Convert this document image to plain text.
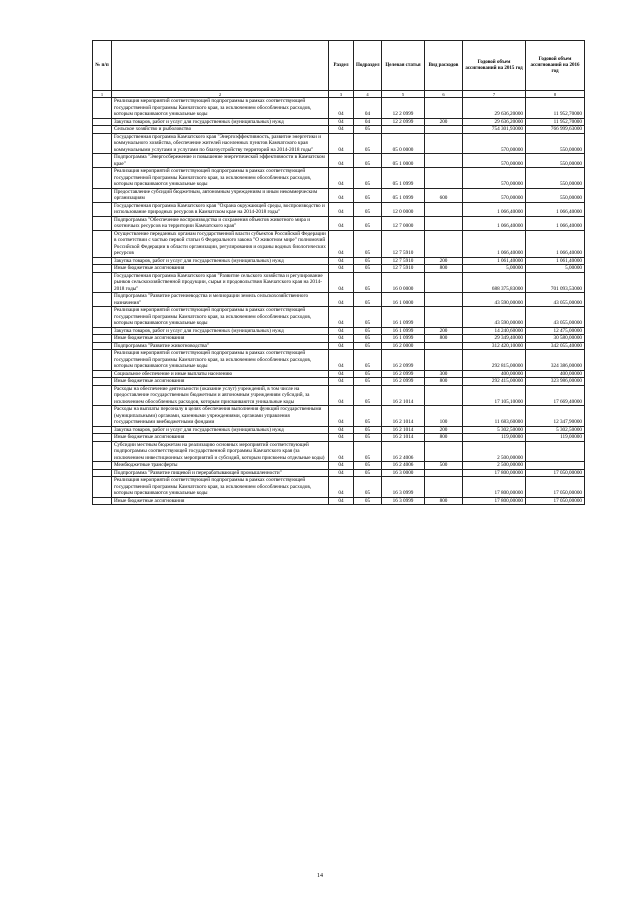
№ п/п		Раздел	Подраздел	Целевая статья	Вид расходов	Годовой объем ассигнований на 2015 год	Годовой объем ассигнований на 2016 год
1	2	3	4	5	6	7	8
	Реализация мероприятий соответствующей подпрограммы в рамках соответствующей государственной программы Камчатского края, за исключением обособленных расходов, которым присваиваются уникальные коды	04	04	12 2 0999		29 636,20000	11 952,70000
	Закупка товаров, работ и услуг для государственных (муниципальных) нужд	04	04	12 2 0999	200	29 636,20000	11 952,70000
	Сельское хозяйство и рыболовство	04	05			754 301,93000	766 999,63000
	Государственная программа Камчатского края "Энергоэффективность, развитие энергетики и коммунального хозяйства, обеспечение жителей населенных пунктов Камчатского края коммунальными услугами и услугами по благоустройству территорий на 2014-2018 годы"	04	05	05 0 0000		570,00000	550,00000
	Подпрограмма "Энергосбережение и повышение энергетической эффективности в Камчатском крае"	04	05	05 1 0000		570,00000	550,00000
	Реализация мероприятий соответствующей подпрограммы в рамках соответствующей государственной программы Камчатского края, за исключением обособленных расходов, которым присваиваются уникальные коды	04	05	05 1 0999		570,00000	550,00000
	Предоставление субсидий бюджетным, автономным учреждениям и иным некоммерческим организациям	04	05	05 1 0999	600	570,00000	550,00000
	Государственная программа Камчатского края "Охрана окружающей среды, воспроизводство и использование природных ресурсов в Камчатском крае на 2014-2018 годы"	04	05	12 0 0000		1 066,40000	1 066,40000
	Подпрограмма "Обеспечение воспроизводства и сохранения объектов животного мира и охотничьих ресурсов на территории Камчатского края"	04	05	12 7 0000		1 066,40000	1 066,40000
	Осуществление переданных органам государственной власти субъектов Российской Федерации в соответствии с частью первой статьи 6 Федерального закона "О животном мире" полномочий Российской Федерации в области организации, регулирования и охраны водных биологических ресурсов	04	05	12 7 5910		1 066,40000	1 066,40000
	Закупка товаров, работ и услуг для государственных (муниципальных) нужд	04	05	12 7 5910	200	1 061,40000	1 061,40000
	Иные бюджетные ассигнования	04	05	12 7 5910	800	5,00000	5,00000
	Государственная программа Камчатского края "Развитие сельского хозяйства и регулирование рынков сельскохозяйственной продукции, сырья и продовольствия Камчатского края на 2014-2018 годы"	04	05	16 0 0000		688 375,83000	701 093,53000
	Подпрограмма "Развитие растениеводства и мелиорации земель сельскохозяйственного назначения"	04	05	16 1 0000		43 590,00000	43 055,00000
	Реализация мероприятий соответствующей подпрограммы в рамках соответствующей государственной программы Камчатского края, за исключением обособленных расходов, которым присваиваются уникальные коды	04	05	16 1 0999		43 590,00000	43 055,00000
	Закупка товаров, работ и услуг для государственных (муниципальных) нужд	04	05	16 1 0999	200	14 240,60000	12 475,00000
	Иные бюджетные ассигнования	04	05	16 1 0999	800	29 349,40000	30 580,00000
	Подпрограмма "Развитие животноводства"	04	05	16 2 0000		312 420,10000	342 055,40000
	Реализация мероприятий соответствующей подпрограммы в рамках соответствующей государственной программы Камчатского края, за исключением обособленных расходов, которым присваиваются уникальные коды	04	05	16 2 0999		292 815,00000	324 386,00000
	Социальное обеспечение и иные выплаты населению	04	05	16 2 0999	300	400,00000	400,00000
	Иные бюджетные ассигнования	04	05	16 2 0999	800	292 415,00000	323 986,00000
	Расходы на обеспечение деятельности (оказание услуг) учреждений, в том числе на предоставление государственным бюджетным и автономным учреждениям субсидий, за исключением обособленных расходов, которым присваиваются уникальные коды	04	05	16 2 1014		17 105,10000	17 669,40000
	Расходы на выплаты персоналу в целях обеспечения выполнения функций государственными (муниципальными) органами, казенными учреждениями, органами управления государственными внебюджетными фондами	04	05	16 2 1014	100	11 683,60000	12 347,90000
	Закупка товаров, работ и услуг для государственных (муниципальных) нужд	04	05	16 2 1014	200	5 302,50000	5 302,50000
	Иные бюджетные ассигнования	04	05	16 2 1014	800	119,00000	119,00000
	Субсидии местным бюджетам на реализацию основных мероприятий соответствующей подпрограммы соответствующей государственной программы Камчатского края (за исключением инвестиционных мероприятий и субсидий, которым присвоены отдельные коды)	04	05	16 2 4006		2 500,00000	
	Межбюджетные трансферты	04	05	16 2 4006	500	2 500,00000	
	Подпрограмма "Развитие пищевой и перерабатывающей промышленности"	04	05	16 3 0000		17 800,00000	17 050,00000
	Реализация мероприятий соответствующей подпрограммы в рамках соответствующей государственной программы Камчатского края, за исключением обособленных расходов, которым присваиваются уникальные коды	04	05	16 3 0999		17 800,00000	17 050,00000
	Иные бюджетные ассигнования	04	05	16 3 0999	800	17 800,00000	17 050,00000
14
